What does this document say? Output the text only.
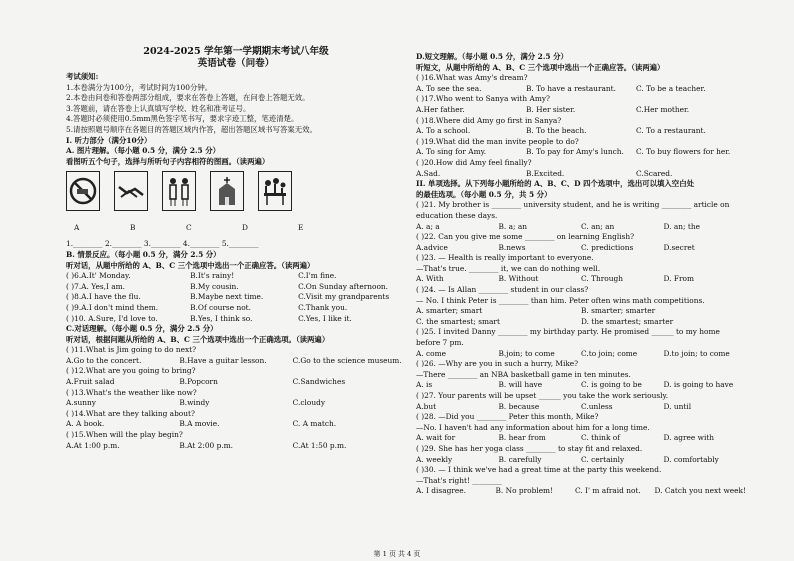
2024-2025 学年第一学期期末考试八年级
英语试卷（问卷）
考试须知:
1.本卷满分为100分，考试时间为100分钟。
2.本卷由问卷和答卷两部分组成，要求在答卷上答题，在问卷上答题无效。
3.答题前，请在答卷上认真填写学校、姓名和准考证号。
4.答题时必须使用0.5mm黑色签字笔书写，要求字迹工整，笔迹清楚。
5.请按照题号顺序在各题目的答题区域内作答，超出答题区域书写答案无效。
I. 听力部分（满分10分）
A. 图片理解。（每小题 0.5 分，满分 2.5 分）
看图听五个句子，选择与所听句子内容相符的图画。（读两遍）
A	B	C	D	E
1.________ 2.________ 3.________ 4.________ 5.________
B. 情景反应。（每小题 0.5 分，满分 2.5 分）
听对话，从题中所给的 A、B、C 三个选项中选出一个正确应答。（读两遍）
( )6.A.It' Monday.	B.It's rainy!	C.I'm fine.
( )7.A. Yes,I am.	B.My cousin.	C.On Sunday afternoon.
( )8.A.I have the flu.	B.Maybe next time.	C.Visit my grandparents
( )9.A.I don't mind them.	B.Of course not.	C.Thank you.
( )10. A.Sure, I'd love to.	B.Yes, I think so.	C.Yes, I like it.
C.对话理解。（每小题 0.5 分，满分 2.5 分）
听对话，根据问题从所给的 A、B、C 三个选项中选出一个正确选项。（读两遍）
( )11.What is Jim going to do next?
A.Go to the concert.	B.Have a guitar lesson.	C.Go to the science museum.
( )12.What are you going to bring?
A.Fruit salad	B.Popcorn	C.Sandwiches
( )13.What's the weather like now?
A.sunny	B.windy	C.cloudy
( )14.What are they talking about?
A. A book.	B.A movie.	C. A match.
( )15.When will the play begin?
A.At 1:00 p.m.	B.At 2:00 p.m.	C.At 1:50 p.m.
D.短文理解。（每小题 0.5 分，满分 2.5 分）
听短文，从题中所给的 A、B、C 三个选项中选出一个正确应答。（读两遍）
( )16.What was Amy's dream?
A. To see the sea.	B. To have a restaurant.	C. To be a teacher.
( )17.Who went to Sanya with Amy?
A.Her father.	B. Her sister.	C.Her mother.
( )18.Where did Amy go first in Sanya?
A. To a school.	B. To the beach.	C. To a restaurant.
( )19.What did the man invite people to do?
A. To sing for Amy.	B. To pay for Amy's lunch.	C. To buy flowers for her.
( )20.How did Amy feel finally?
A.Sad.	B.Excited.	C.Scared.
II. 单项选择。从下列每小题所给的 A、B、C、D 四个选项中，选出可以填入空白处
的最佳选项。（每小题 0.5 分，共 5 分）
( )21. My brother is ________ university student, and he is writing ________ article on
education these days.
A. a; a	B. a; an	C. an; an	D. an; the
( )22. Can you give me some ________ on learning English?
A.advice	B.news	C. predictions	D.secret
( )23. — Health is really important to everyone.
—That's true. ________ it, we can do nothing well.
A. With	B. Without	C. Through	D. From
( )24. — Is Allan ________ student in our class?
— No. I think Peter is ________ than him. Peter often wins math competitions.
A. smarter; smart	B. smarter; smarter
C. the smartest; smart	D. the smartest; smarter
( )25. I invited Danny ________ my birthday party. He promised ______ to my home
before 7 pm.
A. come	B.join; to come	C.to join; come	D.to join; to come
( )26. —Why are you in such a hurry, Mike?
—There ________ an NBA basketball game in ten minutes.
A. is	B. will have	C. is going to be	D. is going to have
( )27. Your parents will be upset ______ you take the work seriously.
A.but	B. because	C.unless	D. until
( )28. —Did you ________ Peter this month, Mike?
—No. I haven't had any information about him for a long time.
A. wait for	B. hear from	C. think of	D. agree with
( )29. She has her yoga class ________ to stay fit and relaxed.
A. weekly	B. carefully	C. certainly	D. comfortably
( )30. — I think we've had a great time at the party this weekend.
—That's right! ________
A. I disagree.	B. No problem!	C. I' m afraid not.	D. Catch you next week!
第 1 页 共 4 页
